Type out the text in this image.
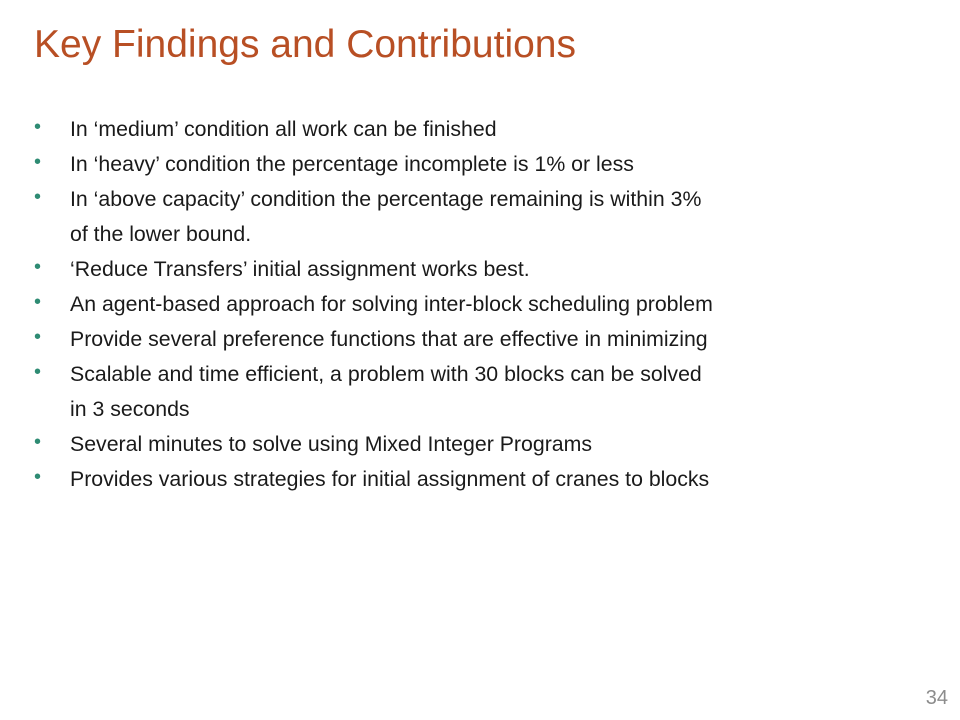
Key Findings and Contributions
• In ‘medium’ condition all work can be finished
• In ‘heavy’ condition the percentage incomplete is 1% or less
• In ‘above capacity’ condition the percentage remaining is within 3%
of the lower bound.
• ‘Reduce Transfers’ initial assignment works best.
• An agent-based approach for solving inter-block scheduling problem
• Provide several preference functions that are effective in minimizing
• Scalable and time efficient, a problem with 30 blocks can be solved
in 3 seconds
• Several minutes to solve using Mixed Integer Programs
• Provides various strategies for initial assignment of cranes to blocks
34
